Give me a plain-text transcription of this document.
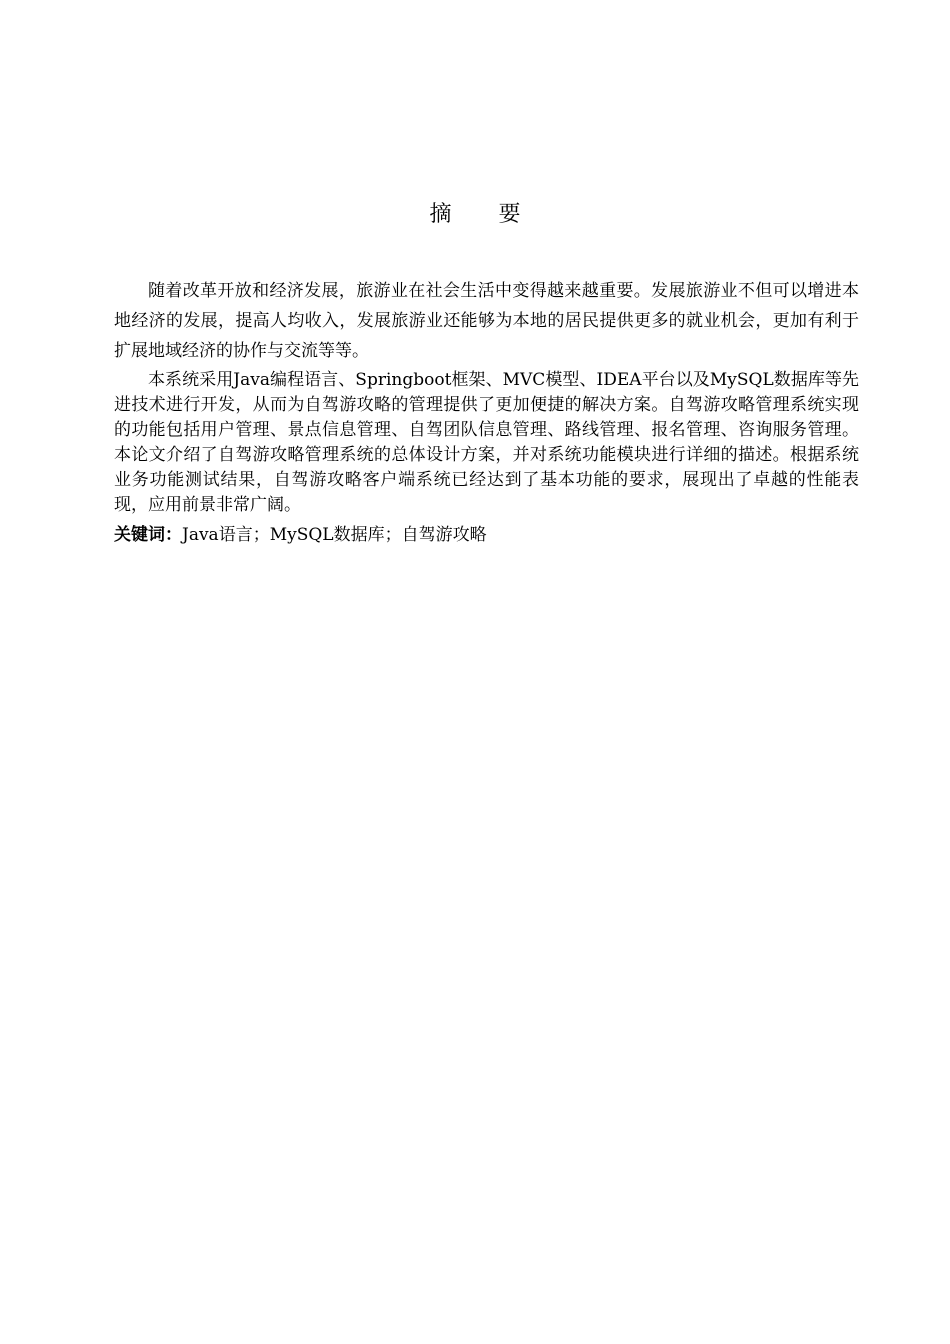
摘 要

随着改革开放和经济发展，旅游业在社会生活中变得越来越重要。发展旅游业不但可以增进本地经济的发展，提高人均收入，发展旅游业还能够为本地的居民提供更多的就业机会，更加有利于扩展地域经济的协作与交流等等。

本系统采用Java编程语言、Springboot框架、MVC模型、IDEA平台以及MySQL数据库等先进技术进行开发，从而为自驾游攻略的管理提供了更加便捷的解决方案。自驾游攻略管理系统实现的功能包括用户管理、景点信息管理、自驾团队信息管理、路线管理、报名管理、咨询服务管理。本论文介绍了自驾游攻略管理系统的总体设计方案，并对系统功能模块进行详细的描述。根据系统业务功能测试结果，自驾游攻略客户端系统已经达到了基本功能的要求，展现出了卓越的性能表现，应用前景非常广阔。

关键词：Java语言；MySQL数据库；自驾游攻略
